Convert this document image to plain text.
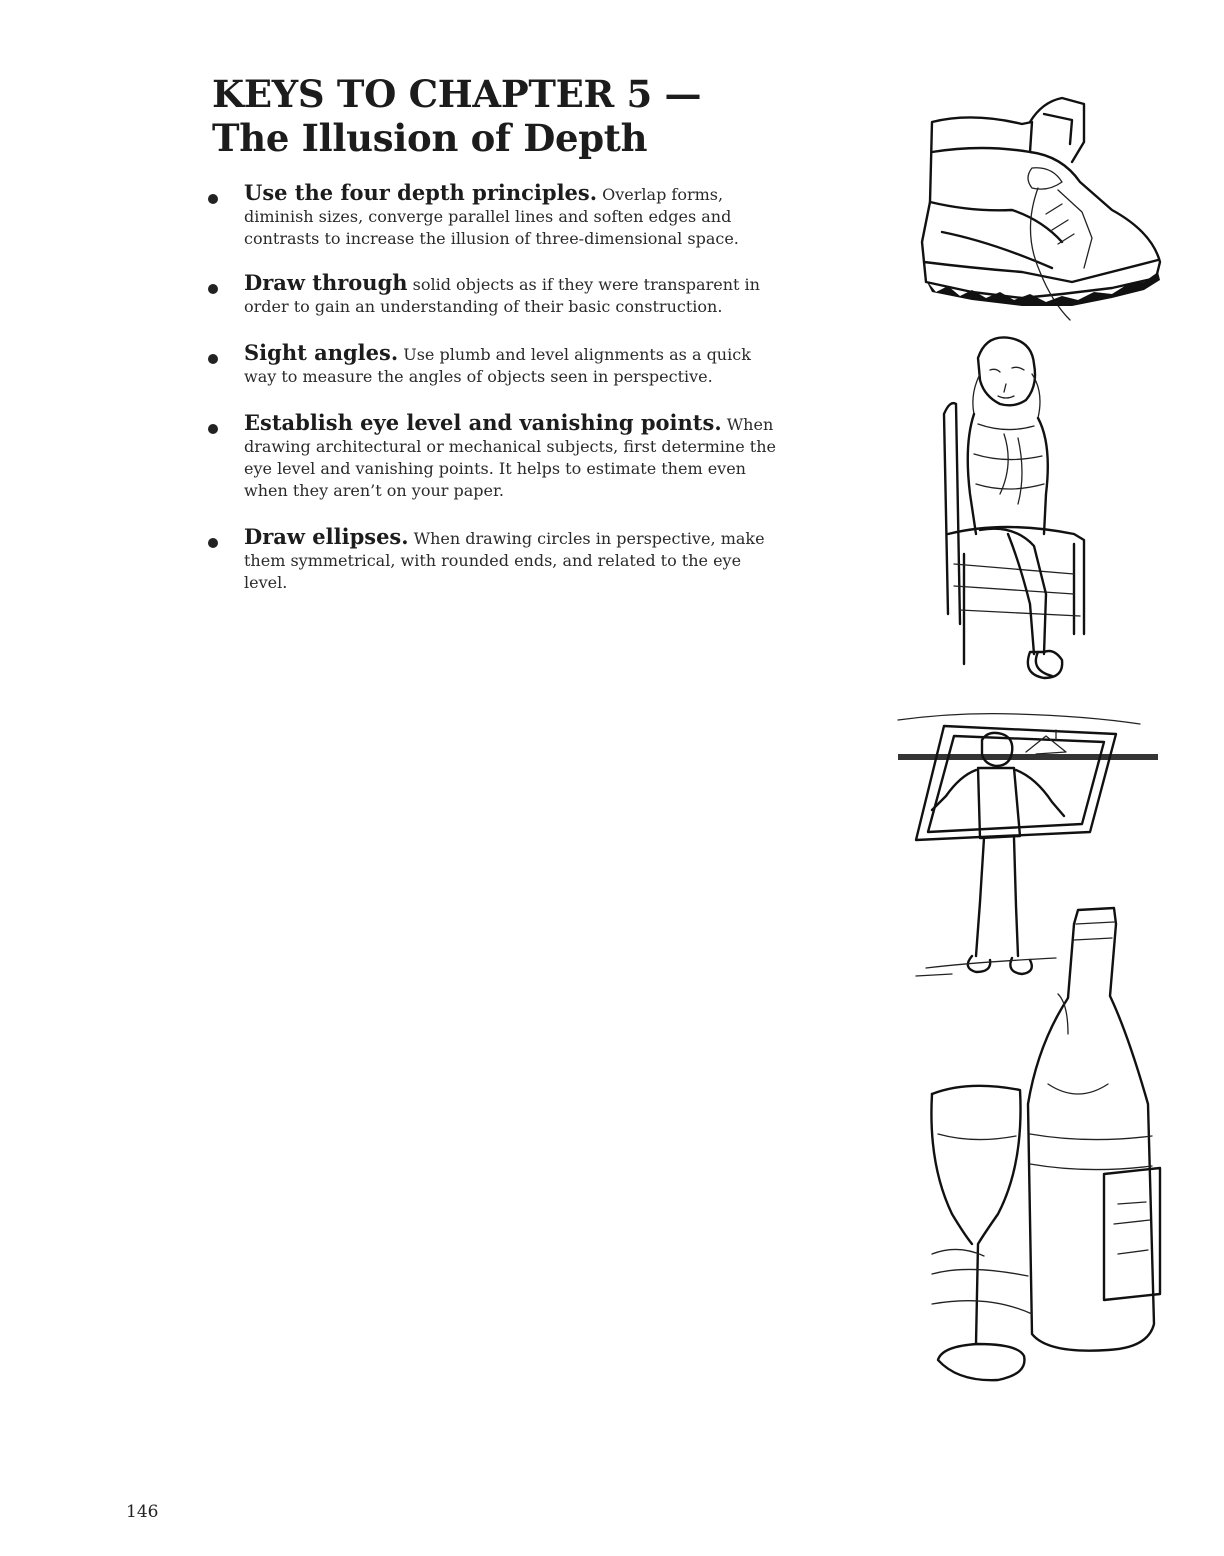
KEYS TO CHAPTER 5 —
The Illusion of Depth
Use the four depth principles. Overlap forms, diminish sizes, converge parallel lines and soften edges and contrasts to increase the illusion of three-dimensional space.
Draw through solid objects as if they were transparent in order to gain an understanding of their basic construction.
Sight angles. Use plumb and level alignments as a quick way to measure the angles of objects seen in perspective.
Establish eye level and vanishing points. When drawing architectural or mechanical subjects, first determine the eye level and vanishing points. It helps to estimate them even when they aren’t on your paper.
Draw ellipses. When drawing circles in perspective, make them symmetrical, with rounded ends, and related to the eye level.
146
